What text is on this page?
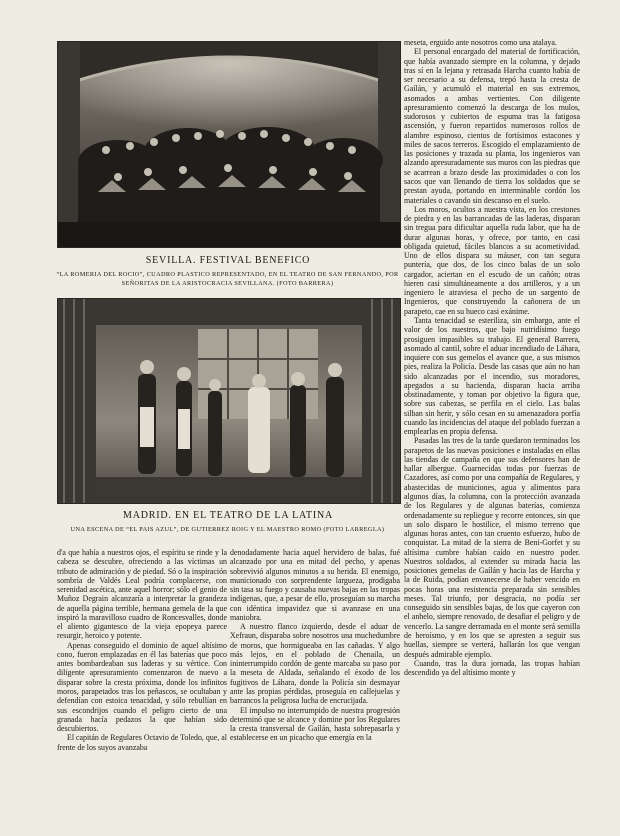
SEVILLA. FESTIVAL BENEFICO
“LA ROMERIA DEL ROCIO”, CUADRO PLASTICO REPRESENTADO, EN EL TEATRO DE SAN FERNANDO, POR SEÑORITAS DE LA ARISTOCRACIA SEVILLANA. (FOTO BARRERA)
MADRID. EN EL TEATRO DE LA LATINA
UNA ESCENA DE “EL PAIS AZUL”, DE GUTIERREZ ROIG Y EL MAESTRO ROMO (FOTO LARREGLA)

d'a que había a nuestros ojos, el espíritu se rinde y la cabeza se descubre, ofreciendo a las víctimas un tributo de admiración y de piedad. Só o la inspiración sombría de Valdés Leal podría complacerse, con serenidad ascética, ante aquel horror; sólo el genio de Muñoz Degrain alcanzaría a interpretar la grandeza de aquella página terrible, hermana gemela de la que inspiró la maravilloso cuadro de Roncesvalles, donde el aliento gigantesco de la vieja epopeya parece resurgir, heroico y potente.

Apenas conseguido el dominio de aquel altísimo cono, fueron emplazadas en él las baterías que poco antes bombardeaban sus laderas y su vértice. Con diligente apresuramiento comenzaron de nuevo a disparar sobre la cresta próxima, donde los infinitos moros, parapetados tras los peñascos, se ocultaban y defendían con estoica tenacidad, y sólo rebullían en sus escondrijos cuando el peligro cierto de una granada hacía pedazos la que habían sido descubiertos.

El capitán de Regulares Octavio de Toledo, que, al frente de los suyos avanzaba

denodadamente hacia aquel hervidero de balas, fué alcanzado por una en mitad del pecho, y apenas sobrevivió algunos minutos a su herida. El enemigo, municionado con sorprendente largueza, prodigaba sin tasa su fuego y causaba nuevas bajas en las tropas indígenas, que, a pesar de ello, proseguían su marcha con idéntica impavidez que si avanzase en una maniobra.

A nuestro flanco izquierdo, desde el aduar de Xefraun, disparaba sobre nosotros una muchedumbre de moros, que hormigueaba en las cañadas. Y algo más lejos, en el poblado de Chenaila, un ininterrumpido cordón de gente marcaba su paso por la meseta de Aldada, señalando el éxodo de los fugitivos de Láhara, donde la Policía sin desmayar ante las propias pérdidas, proseguía en callejuelas y barrancos la peligrosa lucha de encrucijada.

El impulso no interrumpido de nuestra progresión determinó que se alcance y domine por los Regulares la cresta transversal de Gaílán, hasta sobrepasarla y establecerse en un picacho que emergía en la

meseta, erguido ante nosotros como una atalaya.

El personal encargado del material de fortificación, que había avanzado siempre en la columna, y dejado tras sí en la lejana y retrasada Harcha cuanto había de ser necesario a su defensa, trepó hasta la cresta de Gaílán, y acumuló el material en sus extremos, asomados a ambas vertientes. Con diligente apresuramiento comenzó la descarga de los mulos, sudorosos y cubiertos de espuma tras la fatigosa ascensión, y fueron repartidos numerosos rollos de alambre espinoso, cientos de fortísimos estacones y miles de sacos terreros. Escogido el emplazamiento de las posiciones y trazada su planta, los ingenieros van alzando apresuradamente sus muros con las piedras que se acarrean a brazo desde las proximidades o con los sacos que van llenando de tierra los soldados que se prestan ayuda, portando en interminable cordón los materiales o cavando sin descanso en el suelo.

Los moros, ocultos a nuestra vista, en los crestones de piedra y en las barrancadas de las laderas, disparan sin tregua para dificultar aquella ruda labor, que ha de durar algunas horas, y ofrece, por tanto, en casi obligada quietud, fáciles blancos a su acometividad. Uno de ellos dispara su máuser, con tan segura puntería, que dos, de los cinco balas de un solo cargador, aciertan en el escudo de un cañón; otras hieren casi simultáneamente a dos artilleros, y a un ingeniero le atraviesa el pecho de un sargento de Ingenieros, que construyendo la cañonera de un parapeto, cae en su hueco casi exánime.

Tanta tenacidad se esteriliza, sin embargo, ante el valor de los nuestros, que bajo nutridísimo fuego prosiguen impasibles su trabajo. El general Barrera, asomado al cantil, sobre el aduar incendiado de Láhara, inquiere con sus gemelos el avance que, a sus mismos pies, realiza la Policía. Desde las casas que aún no han sido alcanzadas por el incendio, sus moradores, apegados a su hacienda, disparan hacia arriba obstinadamente, y toman por objetivo la figura que, sobre sus cabezas, se perfila en el cielo. Las balas silban sin herir, y sólo cesan en su amenazadora porfía cuando las incidencias del ataque del poblado fuerzan a emplearlas en propia defensa.

Pasadas las tres de la tarde quedaron terminados los parapetos de las nuevas posiciones e instaladas en ellas las tiendas de campaña en que sus defensores han de hallar albergue. Guarnecidas todas por fuerzas de Cazadores, así como por una compañía de Regulares, y abastecidas de municiones, agua y alimentos para algunos días, la columna, con la protección avanzada de los Regulares y de algunas baterías, comienza ordenadamente su repliegue y recorre entonces, sin que un solo disparo le hostilice, el mismo terreno que algunas horas antes, con tan cruento esfuerzo, hubo de conquistar. La mitad de la sierra de Beni-Gorfet y su altísima cumbre habían caído en nuestro poder. Nuestros soldados, al extender su mirada hacia las posiciones gemelas de Gaílán y hacia las de Harcha y la de Ruida, podían envanecerse de haber vencido en pocas horas una resistencia preparada sin sensibles meses. Tal triunfo, por desgracia, no podía ser conseguido sin sensibles bajas, de los que cayeron con el anhelo, siempre renovado, de desafiar el peligro y de vencerlo. La sangre derramada en el monte será semilla de heroísmo, y en los que se apresten a seguir sus huellas, siempre se verterá, hallarán los que vengan después admirable ejemplo.

Cuando, tras la dura jornada, las tropas habían descendido ya del altísimo monte y
